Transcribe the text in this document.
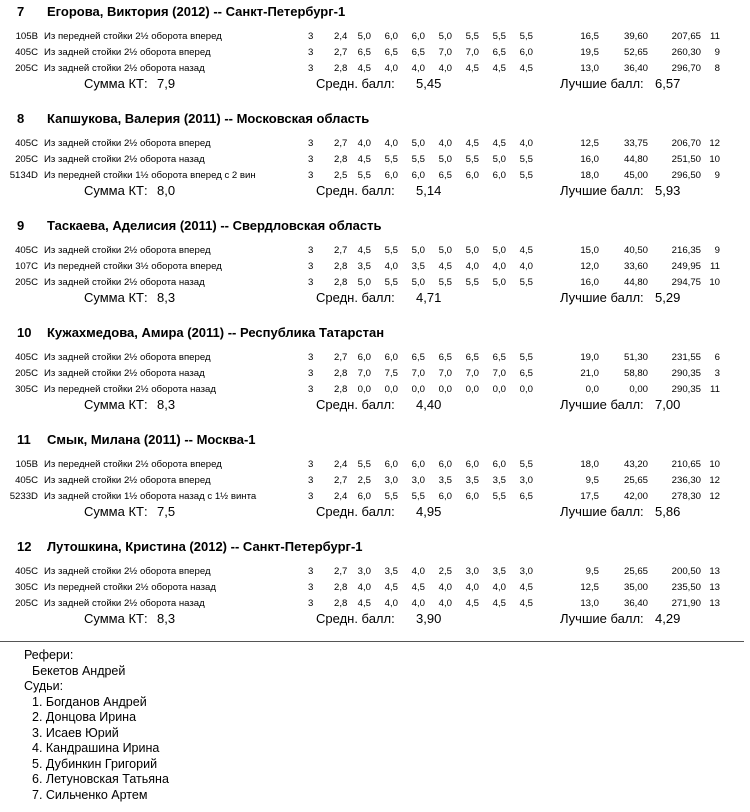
7 Егорова, Виктория (2012) -- Санкт-Петербург-1
105B Из передней стойки 2½ оборота вперед	3 2,4	5,0	6,0	6,0	5,0	5,5	5,5	5,5	16,5	39,60	207,65 11
405C Из задней стойки 2½ оборота вперед	3 2,7	6,5	6,5	6,5	7,0	7,0	6,5	6,0	19,5	52,65	260,30	9
205C Из задней стойки 2½ оборота назад	3 2,8	4,5	4,0	4,0	4,0	4,5	4,5	4,5	13,0	36,40	296,70	8
Сумма КТ: 7,9	Средн. балл: 5,45	Лучшие балл: 6,57
8 Капшукова, Валерия (2011) -- Московская область
405C Из задней стойки 2½ оборота вперед	3 2,7	4,0	4,0	5,0	4,0	4,5	4,5	4,0	12,5	33,75	206,70 12
205C Из задней стойки 2½ оборота назад	3 2,8	4,5	5,5	5,5	5,0	5,5	5,0	5,5	16,0	44,80	251,50 10
5134D Из передней стойки 1½ оборота вперед с 2 вин	3 2,5	5,5	6,0	6,0	6,5	6,0	6,0	5,5	18,0	45,00	296,50	9
Сумма КТ: 8,0	Средн. балл: 5,14	Лучшие балл: 5,93
9 Таскаева, Аделисия (2011) -- Свердловская область
405C Из задней стойки 2½ оборота вперед	3 2,7	4,5	5,5	5,0	5,0	5,0	5,0	4,5	15,0	40,50	216,35	9
107C Из передней стойки 3½ оборота вперед	3 2,8	3,5	4,0	3,5	4,5	4,0	4,0	4,0	12,0	33,60	249,95 11
205C Из задней стойки 2½ оборота назад	3 2,8	5,0	5,5	5,0	5,5	5,5	5,0	5,5	16,0	44,80	294,75 10
Сумма КТ: 8,3	Средн. балл: 4,71	Лучшие балл: 5,29
10 Кужахмедова, Амира (2011) -- Республика Татарстан
405C Из задней стойки 2½ оборота вперед	3 2,7	6,0	6,0	6,5	6,5	6,5	6,5	5,5	19,0	51,30	231,55	6
205C Из задней стойки 2½ оборота назад	3 2,8	7,0	7,5	7,0	7,0	7,0	7,0	6,5	21,0	58,80	290,35	3
305C Из передней стойки 2½ оборота назад	3 2,8	0,0	0,0	0,0	0,0	0,0	0,0	0,0	0,0	0,00	290,35 11
Сумма КТ: 8,3	Средн. балл: 4,40	Лучшие балл: 7,00
11 Смык, Милана (2011) -- Москва-1
105B Из передней стойки 2½ оборота вперед	3 2,4	5,5	6,0	6,0	6,0	6,0	6,0	5,5	18,0	43,20	210,65 10
405C Из задней стойки 2½ оборота вперед	3 2,7	2,5	3,0	3,0	3,5	3,5	3,5	3,0	9,5	25,65	236,30 12
5233D Из задней стойки 1½ оборота назад с 1½ винта	3 2,4	6,0	5,5	5,5	6,0	6,0	5,5	6,5	17,5	42,00	278,30 12
Сумма КТ: 7,5	Средн. балл: 4,95	Лучшие балл: 5,86
12 Лутошкина, Кристина (2012) -- Санкт-Петербург-1
405C Из задней стойки 2½ оборота вперед	3 2,7	3,0	3,5	4,0	2,5	3,0	3,5	3,0	9,5	25,65	200,50 13
305C Из передней стойки 2½ оборота назад	3 2,8	4,0	4,5	4,5	4,0	4,0	4,0	4,5	12,5	35,00	235,50 13
205C Из задней стойки 2½ оборота назад	3 2,8	4,5	4,0	4,0	4,0	4,5	4,5	4,5	13,0	36,40	271,90 13
Сумма КТ: 8,3	Средн. балл: 3,90	Лучшие балл: 4,29
Рефери:
Бекетов Андрей
Судьи:
1. Богданов Андрей
2. Донцова Ирина
3. Исаев Юрий
4. Кандрашина Ирина
5. Дубинкин Григорий
6. Летуновская Татьяна
7. Сильченко Артем
